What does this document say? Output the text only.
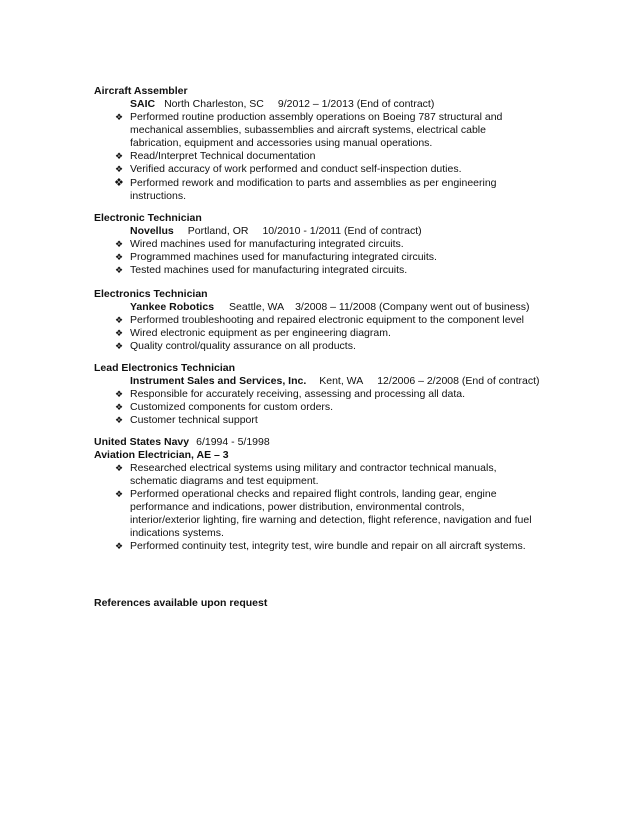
Aircraft Assembler
SAIC North Charleston, SC 9/2012 – 1/2013 (End of contract)
❖ Performed routine production assembly operations on Boeing 787 structural and mechanical assemblies, subassemblies and aircraft systems, electrical cable fabrication, equipment and accessories using manual operations.
❖ Read/Interpret Technical documentation
❖ Verified accuracy of work performed and conduct self-inspection duties.
❖ Performed rework and modification to parts and assemblies as per engineering instructions.
Electronic Technician
Novellus Portland, OR 10/2010 - 1/2011 (End of contract)
❖ Wired machines used for manufacturing integrated circuits.
❖ Programmed machines used for manufacturing integrated circuits.
❖ Tested machines used for manufacturing integrated circuits.
Electronics Technician
Yankee Robotics Seattle, WA 3/2008 – 11/2008 (Company went out of business)
❖ Performed troubleshooting and repaired electronic equipment to the component level
❖ Wired electronic equipment as per engineering diagram.
❖ Quality control/quality assurance on all products.
Lead Electronics Technician
Instrument Sales and Services, Inc. Kent, WA 12/2006 – 2/2008 (End of contract)
❖ Responsible for accurately receiving, assessing and processing all data.
❖ Customized components for custom orders.
❖ Customer technical support
United States Navy 6/1994 - 5/1998
Aviation Electrician, AE – 3
❖ Researched electrical systems using military and contractor technical manuals, schematic diagrams and test equipment.
❖ Performed operational checks and repaired flight controls, landing gear, engine performance and indications, power distribution, environmental controls, interior/exterior lighting, fire warning and detection, flight reference, navigation and fuel indications systems.
❖ Performed continuity test, integrity test, wire bundle and repair on all aircraft systems.
References available upon request
